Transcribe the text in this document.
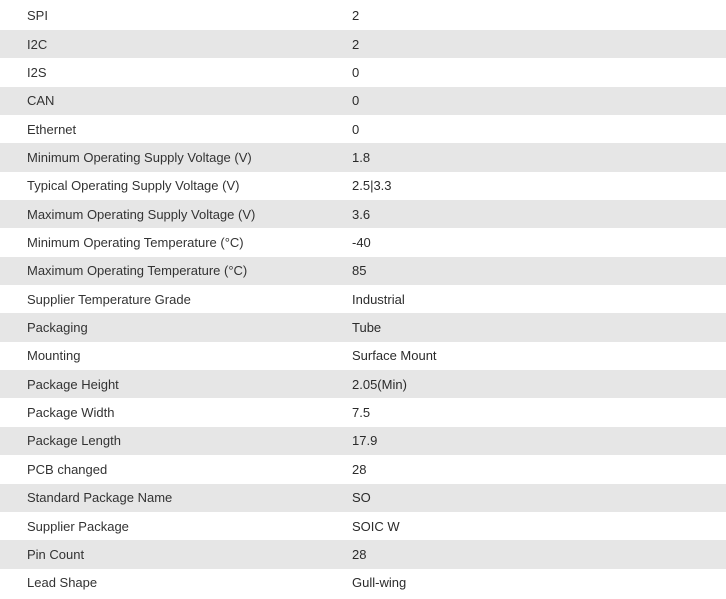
SPI	2
I2C	2
I2S	0
CAN	0
Ethernet	0
Minimum Operating Supply Voltage (V)	1.8
Typical Operating Supply Voltage (V)	2.5|3.3
Maximum Operating Supply Voltage (V)	3.6
Minimum Operating Temperature (°C)	-40
Maximum Operating Temperature (°C)	85
Supplier Temperature Grade	Industrial
Packaging	Tube
Mounting	Surface Mount
Package Height	2.05(Min)
Package Width	7.5
Package Length	17.9
PCB changed	28
Standard Package Name	SO
Supplier Package	SOIC W
Pin Count	28
Lead Shape	Gull-wing
